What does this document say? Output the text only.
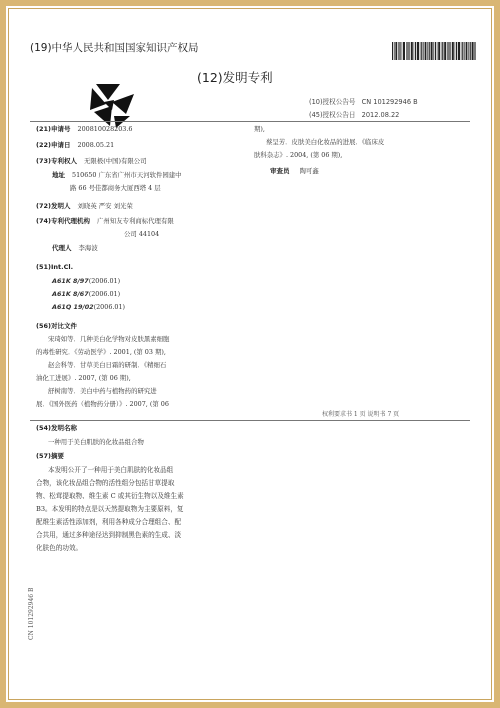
(19)中华人民共和国国家知识产权局
(12)发明专利
(10)授权公告号 CN 101292946 B
(45)授权公告日 2012.08.22
(21)申请号 200810028203.6
(22)申请日 2008.05.21
(73)专利权人 无限极(中国)有限公司
地址 510650 广东省广州市天河软件园建中
路 66 号佳都商务大厦西塔 4 层
(72)发明人 刘晓英 严安 刘光荣
(74)专利代理机构 广州知友专利商标代理有限
公司 44104
代理人 李海波
(51)Int.Cl.
A61K 8/97(2006.01)
A61K 8/67(2006.01)
A61Q 19/02(2006.01)
(56)对比文件
宋琦如等．几种美白化学物对皮肤黑素细胞
的毒性研究．《劳动医学》. 2001, (第 03 期),
赵会科等．甘草美白日霜的研制．《精细石
油化工进展》. 2007, (第 06 期),
舒树南等．美白中药与植物药的研究进
展．《国外医药（植物药分册）》. 2007, (第 06
期),
蔡呈芳．皮肤美白化妆品的进展．《临床皮
肤科杂志》. 2004, (第 06 期),
审查员 陶可鑫
权利要求书 1 页 说明书 7 页
(54)发明名称
一种用于美白肌肤的化妆品组合物
(57)摘要
本发明公开了一种用于美白肌肤的化妆品组
合物，该化妆品组合物的活性组分包括甘草提取
物、松茸提取物、维生素 C 或其衍生物以及维生素
B3。本发明的特点是以天然提取物为主要原料，复
配维生素活性添加剂，利用各种成分合理组合、配
合共用，通过多种途径达到抑制黑色素的生成、淡
化肤色的功效。
CN 101292946 B
